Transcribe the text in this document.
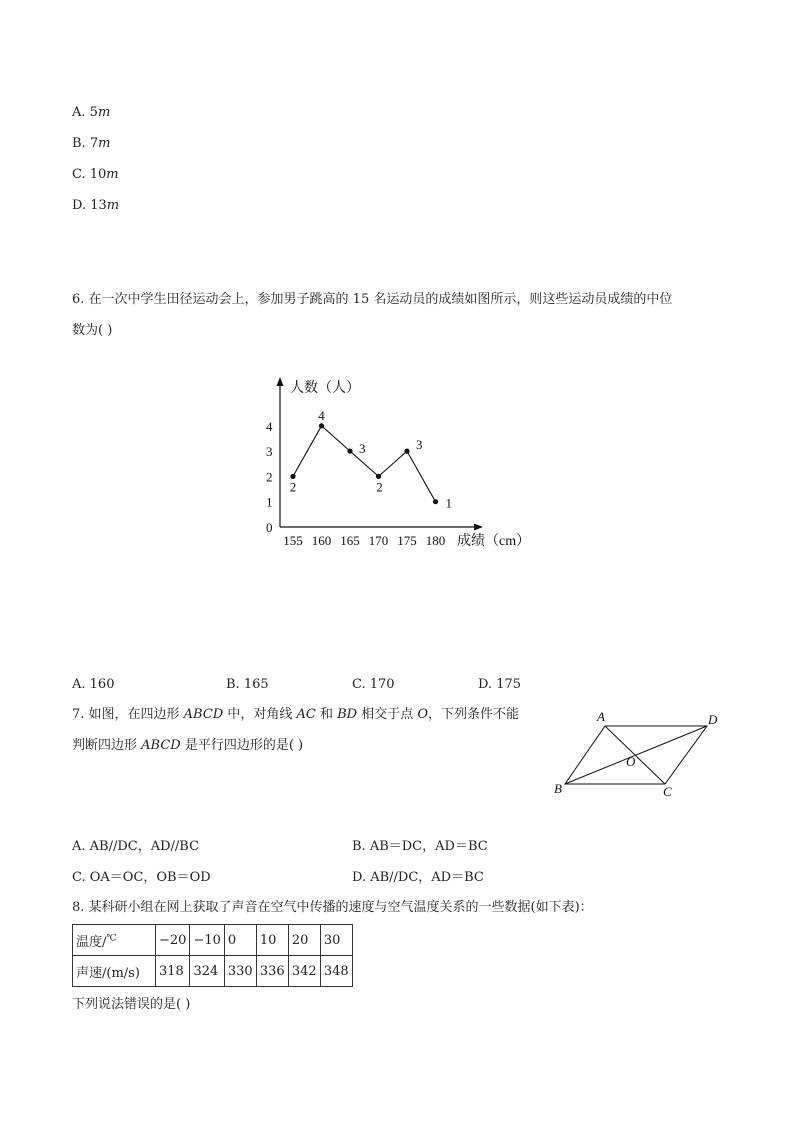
A. 5m
B. 7m
C. 10m
D. 13m
6. 在一次中学生田径运动会上，参加男子跳高的 15 名运动员的成绩如图所示，则这些运动员成绩的中位
数为( )
人数（人）
成绩（cm）
0
1
2
3
4
155 160 165 170 175 180
2
4
3
2
3
1
A. 160	B. 165	C. 170	D. 175
7. 如图，在四边形 ABCD 中，对角线 AC 和 BD 相交于点 O，下列条件不能
判断四边形 ABCD 是平行四边形的是( )
A	D
O
B	C
A. AB//DC，AD//BC	B. AB＝DC，AD＝BC
C. OA＝OC，OB＝OD	D. AB//DC，AD＝BC
8. 某科研小组在网上获取了声音在空气中传播的速度与空气温度关系的一些数据(如下表)：
温度/℃	−20	−10	0	10	20	30
声速/(m/s)	318	324	330	336	342	348
下列说法错误的是( )
